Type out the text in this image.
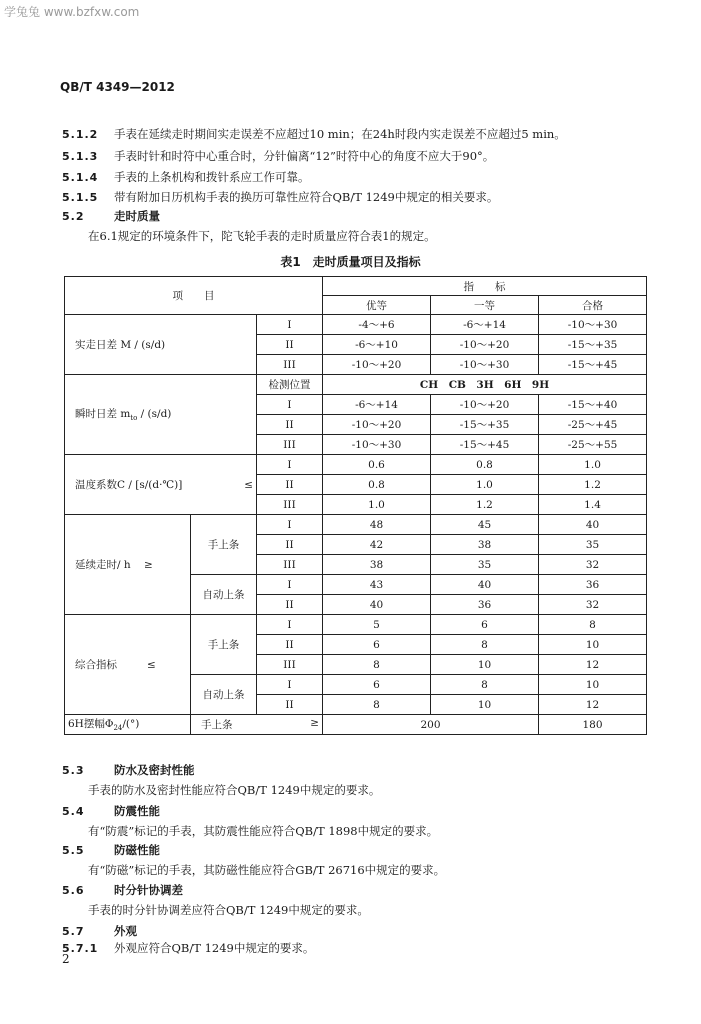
学兔兔 www.bzfxw.com
QB/T 4349—2012
5.1.2 手表在延续走时期间实走误差不应超过10 min；在24h时段内实走误差不应超过5 min。
5.1.3 手表时针和时符中心重合时，分针偏离“12”时符中心的角度不应大于90°。
5.1.4 手表的上条机构和拨针系应工作可靠。
5.1.5 带有附加日历机构手表的换历可靠性应符合QB/T 1249中规定的相关要求。
5.2	走时质量
在6.1规定的环境条件下，陀飞轮手表的走时质量应符合表1的规定。
表1　走时质量项目及指标
项　　目			指　　标		
			优等	一等	合格
实走日差 M / (s/d)		I	-4～+6	-6～+14	-10～+30
		II	-6～+10	-10～+20	-15～+35
		III	-10～+20	-10～+30	-15～+45
瞬时日差 $m_{to} / (s/d)$		检测位置	CH　CB　3H　6H　9H		
		I	-6～+14	-10～+20	-15～+40
		II	-10～+20	-15～+35	-25～+45
		III	-10～+30	-15～+45	-25～+55
温度系数C / [s/(d·℃)]	≤	I	0.6	0.8	1.0
		II	0.8	1.0	1.2
		III	1.0	1.2	1.4
延续走时/ h ≥	手上条	I	48	45	40
		II	42	38	35
		III	38	35	32
	自动上条	I	43	40	36
		II	40	36	32
综合指标 ≤	手上条	I	5	6	8
		II	6	8	10
		III	8	10	12
	自动上条	I	6	8	10
		II	8	10	12
6H摆幅$\Phi_{24}/(^\circ)$	手上条 ≥		200		180
5.3	防水及密封性能
手表的防水及密封性能应符合QB/T 1249中规定的要求。
5.4	防震性能
有“防震”标记的手表，其防震性能应符合QB/T 1898中规定的要求。
5.5	防磁性能
有“防磁”标记的手表，其防磁性能应符合GB/T 26716中规定的要求。
5.6	时分针协调差
手表的时分针协调差应符合QB/T 1249中规定的要求。
5.7	外观
5.7.1 外观应符合QB/T 1249中规定的要求。
2
